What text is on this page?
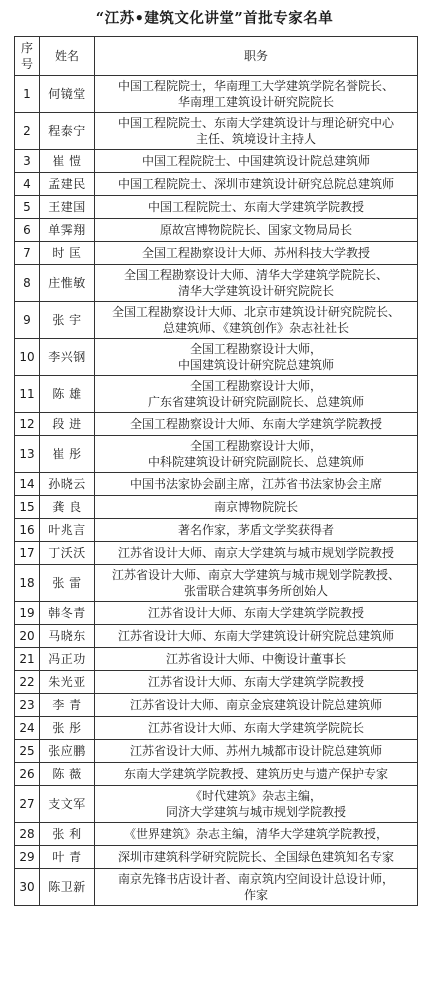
“江苏•建筑文化讲堂”首批专家名单
序
号	姓名	职务
1	何镜堂	中国工程院院士，华南理工大学建筑学院名誉院长、
华南理工建筑设计研究院院长

2	程泰宁	中国工程院院士、东南大学建筑设计与理论研究中心
主任、筑境设计主持人

3	崔 愷	中国工程院院士、中国建筑设计院总建筑师

4	孟建民	中国工程院院士、深圳市建筑设计研究总院总建筑师

5	王建国	中国工程院院士、东南大学建筑学院教授

6	单霁翔	原故宫博物院院长、国家文物局局长

7	时 匡	全国工程勘察设计大师、苏州科技大学教授

8	庄惟敏	全国工程勘察设计大师、清华大学建筑学院院长、
清华大学建筑设计研究院院长

9	张 宇	全国工程勘察设计大师、北京市建筑设计研究院院长、
总建筑师、《建筑创作》杂志社社长

10	李兴钢	全国工程勘察设计大师，
中国建筑设计研究院总建筑师

11	陈 雄	全国工程勘察设计大师，
广东省建筑设计研究院副院长、总建筑师

12	段 进	全国工程勘察设计大师、东南大学建筑学院教授

13	崔 彤	全国工程勘察设计大师，
中科院建筑设计研究院副院长、总建筑师

14	孙晓云	中国书法家协会副主席，江苏省书法家协会主席

15	龚 良	南京博物院院长

16	叶兆言	著名作家，茅盾文学奖获得者

17	丁沃沃	江苏省设计大师、南京大学建筑与城市规划学院教授

18	张 雷	江苏省设计大师、南京大学建筑与城市规划学院教授、
张雷联合建筑事务所创始人

19	韩冬青	江苏省设计大师、东南大学建筑学院教授

20	马晓东	江苏省设计大师、东南大学建筑设计研究院总建筑师

21	冯正功	江苏省设计大师、中衡设计董事长

22	朱光亚	江苏省设计大师、东南大学建筑学院教授

23	李 青	江苏省设计大师、南京金宸建筑设计院总建筑师

24	张 彤	江苏省设计大师、东南大学建筑学院院长

25	张应鹏	江苏省设计大师、苏州九城都市设计院总建筑师

26	陈 薇	东南大学建筑学院教授、建筑历史与遗产保护专家

27	支文军	《时代建筑》杂志主编，
同济大学建筑与城市规划学院教授

28	张 利	《世界建筑》杂志主编，清华大学建筑学院教授，

29	叶 青	深圳市建筑科学研究院院长、全国绿色建筑知名专家

30	陈卫新	南京先锋书店设计者、南京筑内空间设计总设计师，
作家
